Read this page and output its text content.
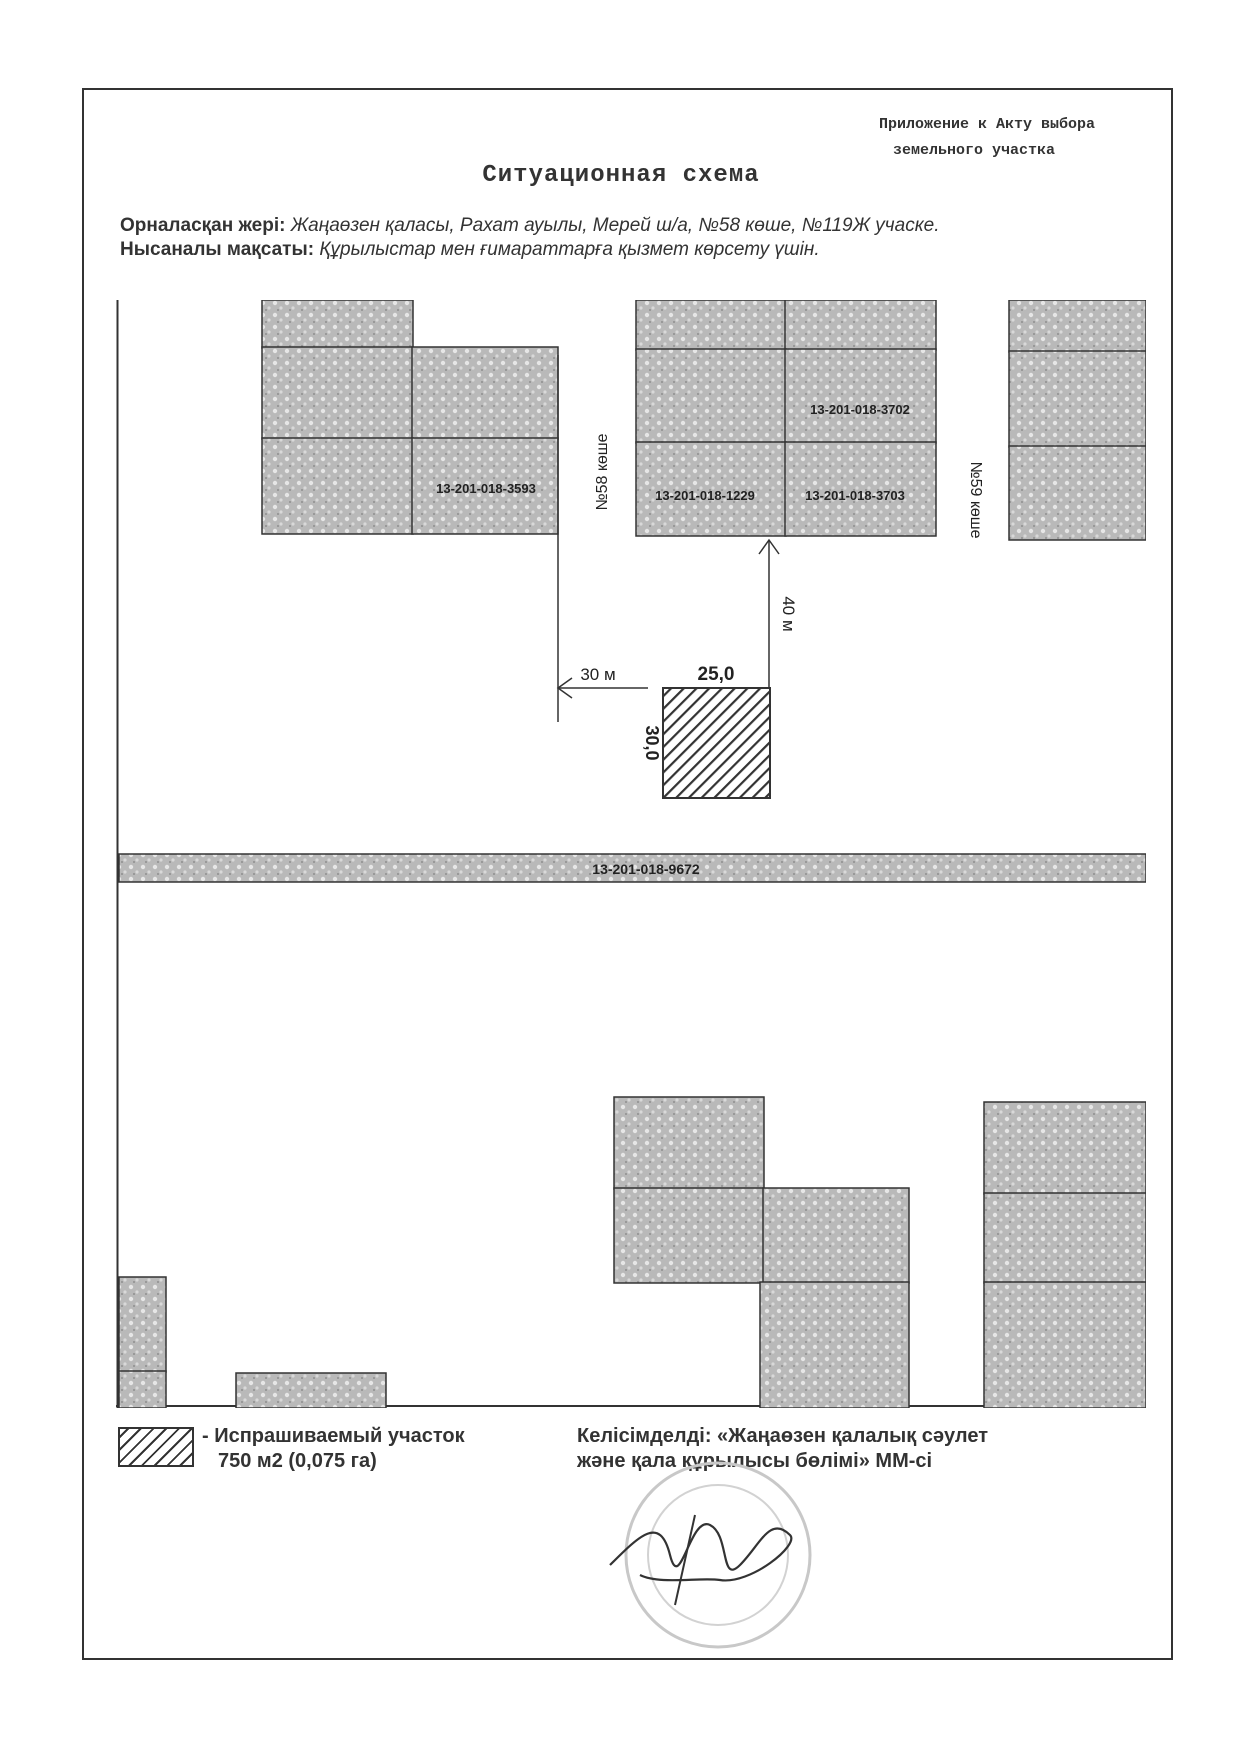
Приложение к Акту выбора
земельного участка
Ситуационная схема
Орналасқан жері: Жаңаөзен қаласы, Рахат ауылы, Мерей ш/а, №58 көше, №119Ж учаске.
Нысаналы мақсаты: Құрылыстар мен ғимараттарға қызмет көрсету үшін.
13-201-018-3593
13-201-018-3702
13-201-018-1229	13-201-018-3703
№58 көше	№59 көше
30 м
40 м
25,0
30,0
13-201-018-9672
- Испрашиваемый участок
750 м2 (0,075 га)
Келісімделді: «Жаңаөзен қалалық сәулет
және қала құрылысы бөлімі» ММ-сі
